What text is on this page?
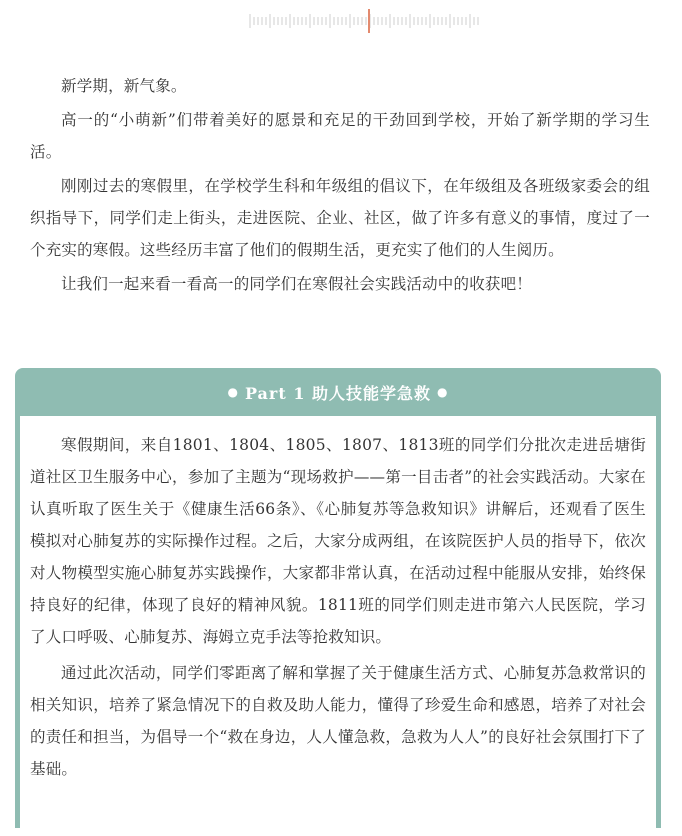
新学期，新气象。

高一的“小萌新”们带着美好的愿景和充足的干劲回到学校，开始了新学期的学习生活。

刚刚过去的寒假里，在学校学生科和年级组的倡议下，在年级组及各班级家委会的组织指导下，同学们走上街头，走进医院、企业、社区，做了许多有意义的事情，度过了一个充实的寒假。这些经历丰富了他们的假期生活，更充实了他们的人生阅历。

让我们一起来看一看高一的同学们在寒假社会实践活动中的收获吧！

● Part 1 助人技能学急救 ●

寒假期间，来自1801、1804、1805、1807、1813班的同学们分批次走进岳塘街道社区卫生服务中心，参加了主题为“现场救护——第一目击者”的社会实践活动。大家在认真听取了医生关于《健康生活66条》、《心肺复苏等急救知识》讲解后，还观看了医生模拟对心肺复苏的实际操作过程。之后，大家分成两组，在该院医护人员的指导下，依次对人物模型实施心肺复苏实践操作，大家都非常认真，在活动过程中能服从安排，始终保持良好的纪律，体现了良好的精神风貌。1811班的同学们则走进市第六人民医院，学习了人口呼吸、心肺复苏、海姆立克手法等抢救知识。

通过此次活动，同学们零距离了解和掌握了关于健康生活方式、心肺复苏急救常识的相关知识，培养了紧急情况下的自救及助人能力，懂得了珍爱生命和感恩，培养了对社会的责任和担当，为倡导一个“救在身边，人人懂急救，急救为人人”的良好社会氛围打下了基础。
